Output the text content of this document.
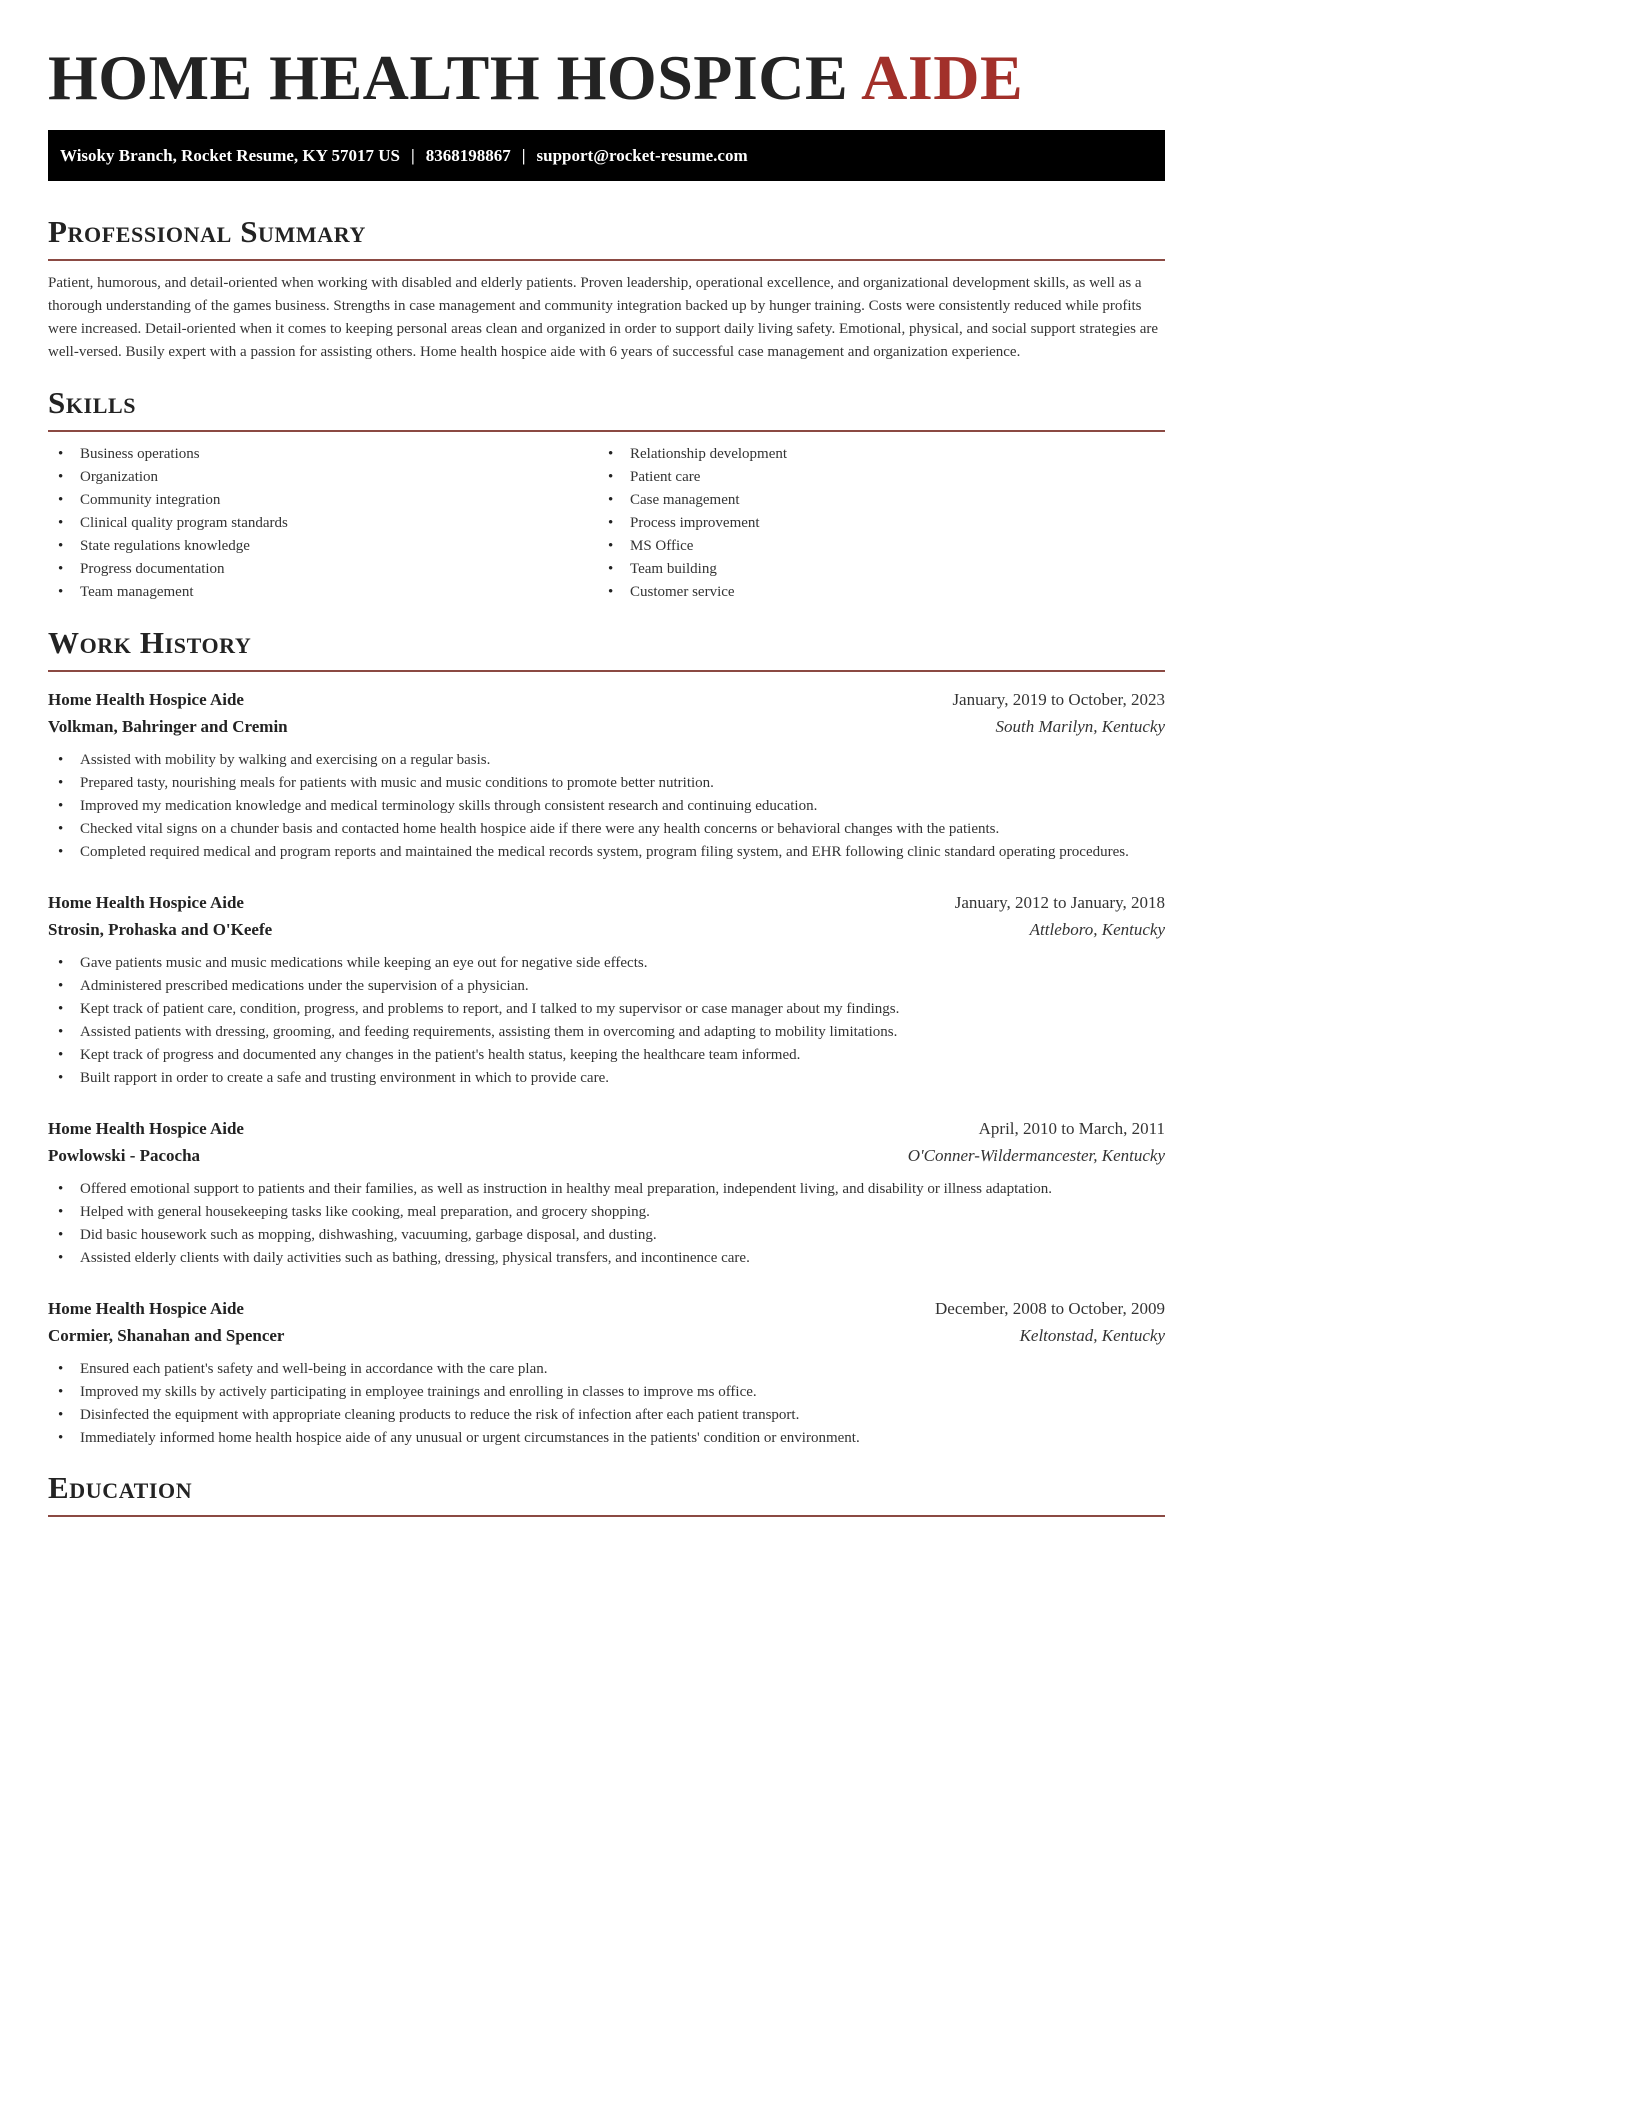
HOME HEALTH HOSPICE AIDE
Wisoky Branch, Rocket Resume, KY 57017 US | 8368198867 | support@rocket-resume.com
Professional Summary

Patient, humorous, and detail-oriented when working with disabled and elderly patients. Proven leadership, operational excellence, and organizational development skills, as well as a thorough understanding of the games business. Strengths in case management and community integration backed up by hunger training. Costs were consistently reduced while profits were increased. Detail-oriented when it comes to keeping personal areas clean and organized in order to support daily living safety. Emotional, physical, and social support strategies are well-versed. Busily expert with a passion for assisting others. Home health hospice aide with 6 years of successful case management and organization experience.

Skills
• Business operations
• Organization
• Community integration
• Clinical quality program standards
• State regulations knowledge
• Progress documentation
• Team management
• Relationship development
• Patient care
• Case management
• Process improvement
• MS Office
• Team building
• Customer service
Work History
Home Health Hospice Aide	January, 2019 to October, 2023
Volkman, Bahringer and Cremin	South Marilyn, Kentucky
• Assisted with mobility by walking and exercising on a regular basis.
• Prepared tasty, nourishing meals for patients with music and music conditions to promote better nutrition.
• Improved my medication knowledge and medical terminology skills through consistent research and continuing education.
• Checked vital signs on a chunder basis and contacted home health hospice aide if there were any health concerns or behavioral changes with the patients.
• Completed required medical and program reports and maintained the medical records system, program filing system, and EHR following clinic standard operating procedures.
Home Health Hospice Aide	January, 2012 to January, 2018
Strosin, Prohaska and O'Keefe	Attleboro, Kentucky
• Gave patients music and music medications while keeping an eye out for negative side effects.
• Administered prescribed medications under the supervision of a physician.
• Kept track of patient care, condition, progress, and problems to report, and I talked to my supervisor or case manager about my findings.
• Assisted patients with dressing, grooming, and feeding requirements, assisting them in overcoming and adapting to mobility limitations.
• Kept track of progress and documented any changes in the patient's health status, keeping the healthcare team informed.
• Built rapport in order to create a safe and trusting environment in which to provide care.
Home Health Hospice Aide	April, 2010 to March, 2011
Powlowski - Pacocha	O'Conner-Wildermancester, Kentucky
• Offered emotional support to patients and their families, as well as instruction in healthy meal preparation, independent living, and disability or illness adaptation.
• Helped with general housekeeping tasks like cooking, meal preparation, and grocery shopping.
• Did basic housework such as mopping, dishwashing, vacuuming, garbage disposal, and dusting.
• Assisted elderly clients with daily activities such as bathing, dressing, physical transfers, and incontinence care.
Home Health Hospice Aide	December, 2008 to October, 2009
Cormier, Shanahan and Spencer	Keltonstad, Kentucky
• Ensured each patient's safety and well-being in accordance with the care plan.
• Improved my skills by actively participating in employee trainings and enrolling in classes to improve ms office.
• Disinfected the equipment with appropriate cleaning products to reduce the risk of infection after each patient transport.
• Immediately informed home health hospice aide of any unusual or urgent circumstances in the patients' condition or environment.
Education
